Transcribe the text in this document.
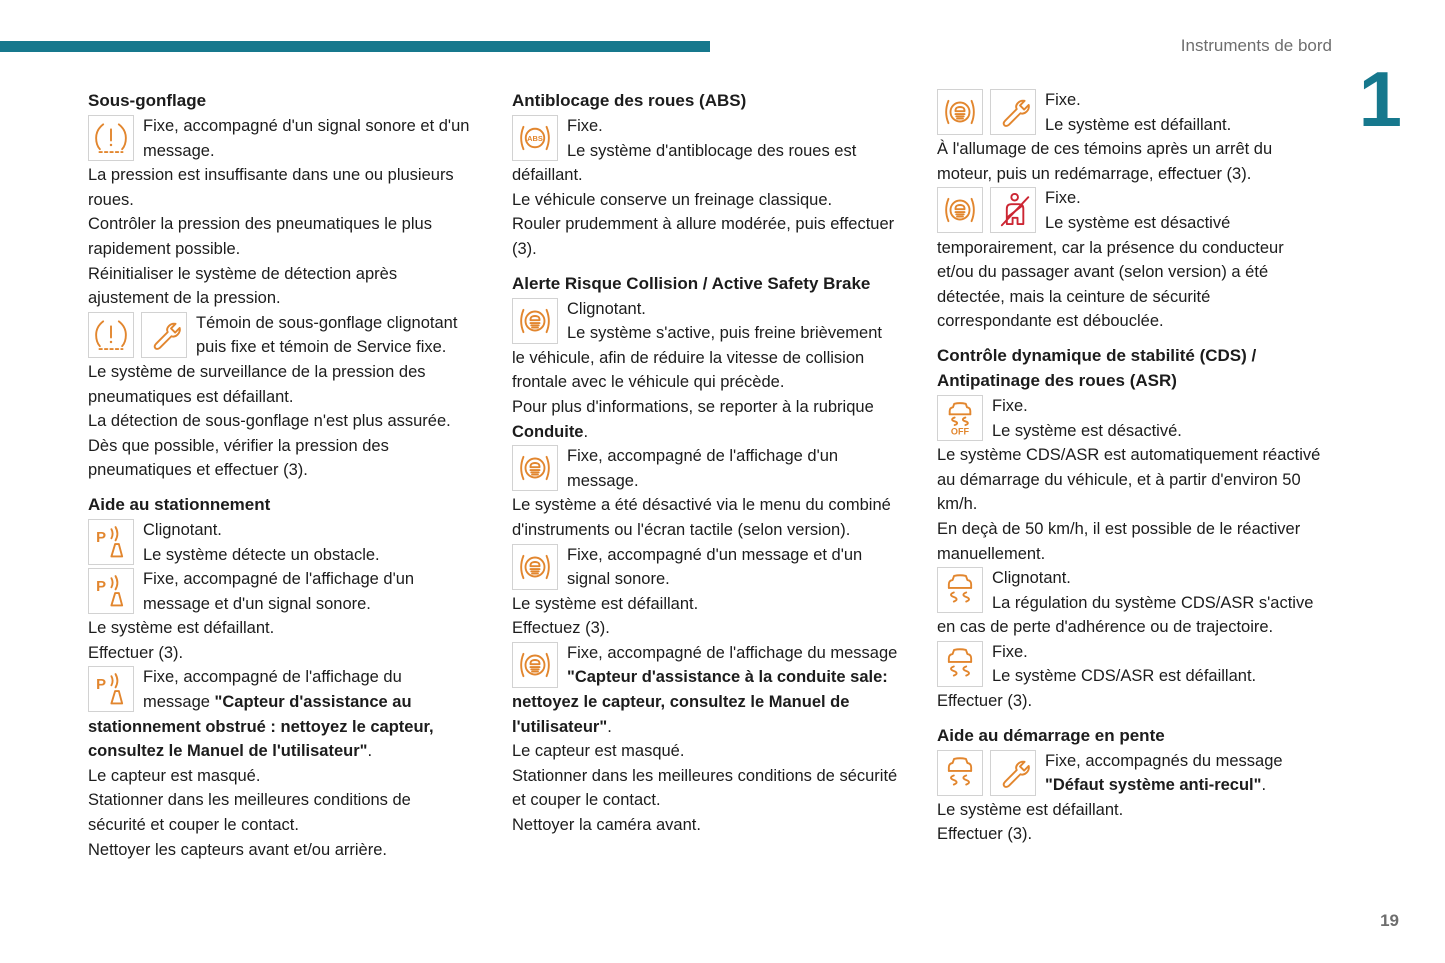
Instruments de bord
1
Sous-gonflage
Fixe, accompagné d'un signal sonore et d'un message.
La pression est insuffisante dans une ou plusieurs roues.
Contrôler la pression des pneumatiques le plus rapidement possible.
Réinitialiser le système de détection après ajustement de la pression.
Témoin de sous-gonflage clignotant puis fixe et témoin de Service fixe.
Le système de surveillance de la pression des pneumatiques est défaillant.
La détection de sous-gonflage n'est plus assurée.
Dès que possible, vérifier la pression des pneumatiques et effectuer (3).
Aide au stationnement
P	Clignotant.
Le système détecte un obstacle.
P	Fixe, accompagné de l'affichage d'un message et d'un signal sonore.
Le système est défaillant.
Effectuer (3).
P	Fixe, accompagné de l'affichage du message "Capteur d'assistance au stationnement obstrué : nettoyez le capteur, consultez le Manuel de l'utilisateur".
Le capteur est masqué.
Stationner dans les meilleures conditions de sécurité et couper le contact.
Nettoyer les capteurs avant et/ou arrière.
Antiblocage des roues (ABS)
ABS
Fixe.
Le système d'antiblocage des roues est défaillant.
Le véhicule conserve un freinage classique.
Rouler prudemment à allure modérée, puis effectuer (3).
Alerte Risque Collision / Active Safety Brake
Clignotant.
Le système s'active, puis freine brièvement le véhicule, afin de réduire la vitesse de collision frontale avec le véhicule qui précède.
Pour plus d'informations, se reporter à la rubrique Conduite.
Fixe, accompagné de l'affichage d'un message.
Le système a été désactivé via le menu du combiné d'instruments ou l'écran tactile (selon version).
Fixe, accompagné d'un message et d'un signal sonore.
Le système est défaillant.
Effectuez (3).
Fixe, accompagné de l'affichage du message "Capteur d'assistance à la conduite sale: nettoyez le capteur, consultez le Manuel de l'utilisateur".
Le capteur est masqué.
Stationner dans les meilleures conditions de sécurité et couper le contact.
Nettoyer la caméra avant.
Fixe.
Le système est défaillant.
À l'allumage de ces témoins après un arrêt du moteur, puis un redémarrage, effectuer (3).
Fixe.
Le système est désactivé temporairement, car la présence du conducteur et/ou du passager avant (selon version) a été détectée, mais la ceinture de sécurité correspondante est débouclée.
Contrôle dynamique de stabilité (CDS) / Antipatinage des roues (ASR)
OFF
Fixe.
Le système est désactivé.
Le système CDS/ASR est automatiquement réactivé au démarrage du véhicule, et à partir d'environ 50 km/h.
En deçà de 50 km/h, il est possible de le réactiver manuellement.
Clignotant.
La régulation du système CDS/ASR s'active en cas de perte d'adhérence ou de trajectoire.
Fixe.
Le système CDS/ASR est défaillant.
Effectuer (3).
Aide au démarrage en pente
Fixe, accompagnés du message "Défaut système anti-recul".
Le système est défaillant.
Effectuer (3).
19
